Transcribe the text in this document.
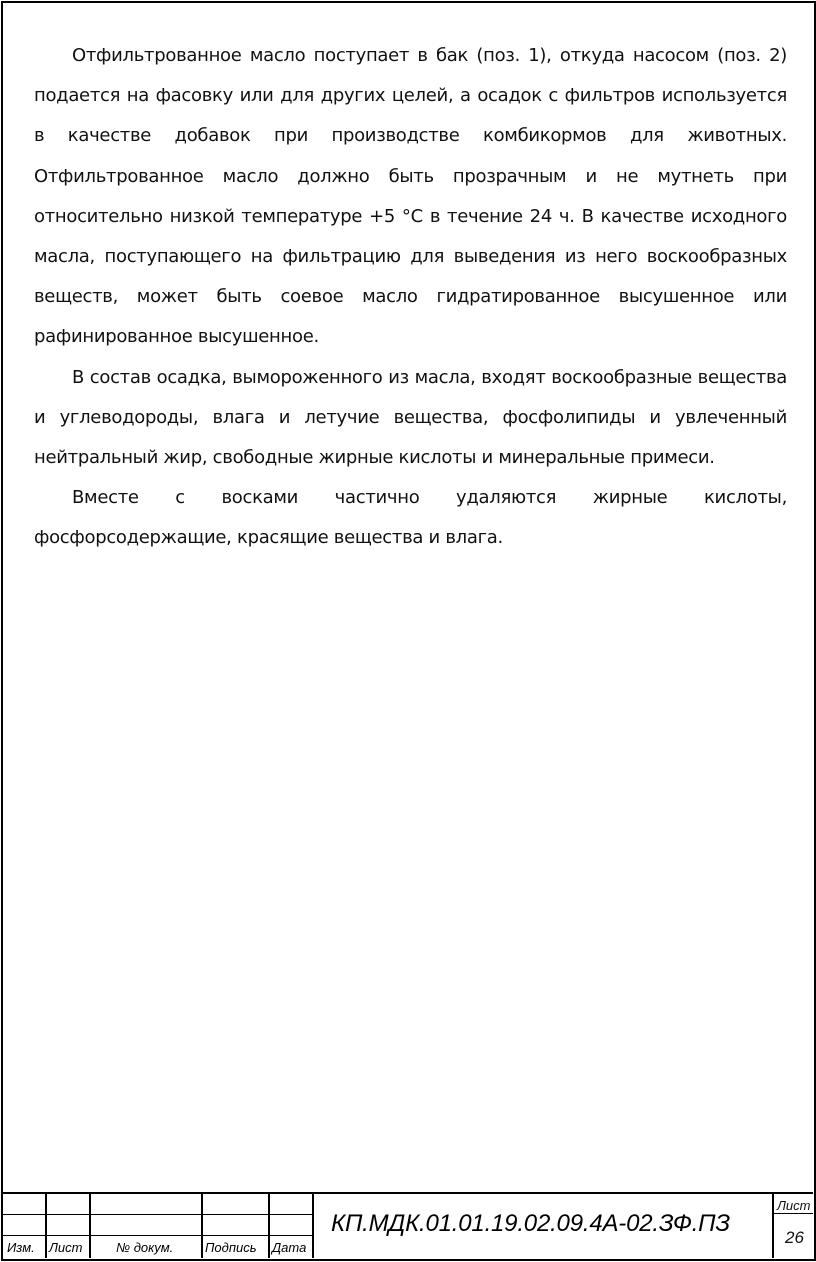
Отфильтрованное масло поступает в бак (поз. 1), откуда насосом (поз. 2) подается на фасовку или для других целей, а осадок с фильтров используется в качестве добавок при производстве комбикормов для животных. Отфильтрованное масло должно быть прозрачным и не мутнеть при относительно низкой температуре +5 °С в течение 24 ч. В качестве исходного масла, поступающего на фильтрацию для выведения из него воскообразных веществ, может быть соевое масло гидратированное высушенное или рафинированное высушенное.

В состав осадка, вымороженного из масла, входят воскообразные вещества и углеводороды, влага и летучие вещества, фосфолипиды и увлеченный нейтральный жир, свободные жирные кислоты и минеральные примеси.

Вместе с восками частично удаляются жирные кислоты, фосфорсодержащие, красящие вещества и влага.

Изм. Лист	№ докум. Подпись Дата
КП.МДК.01.01.19.02.09.4А-02.ЗФ.ПЗ
Лист
26
